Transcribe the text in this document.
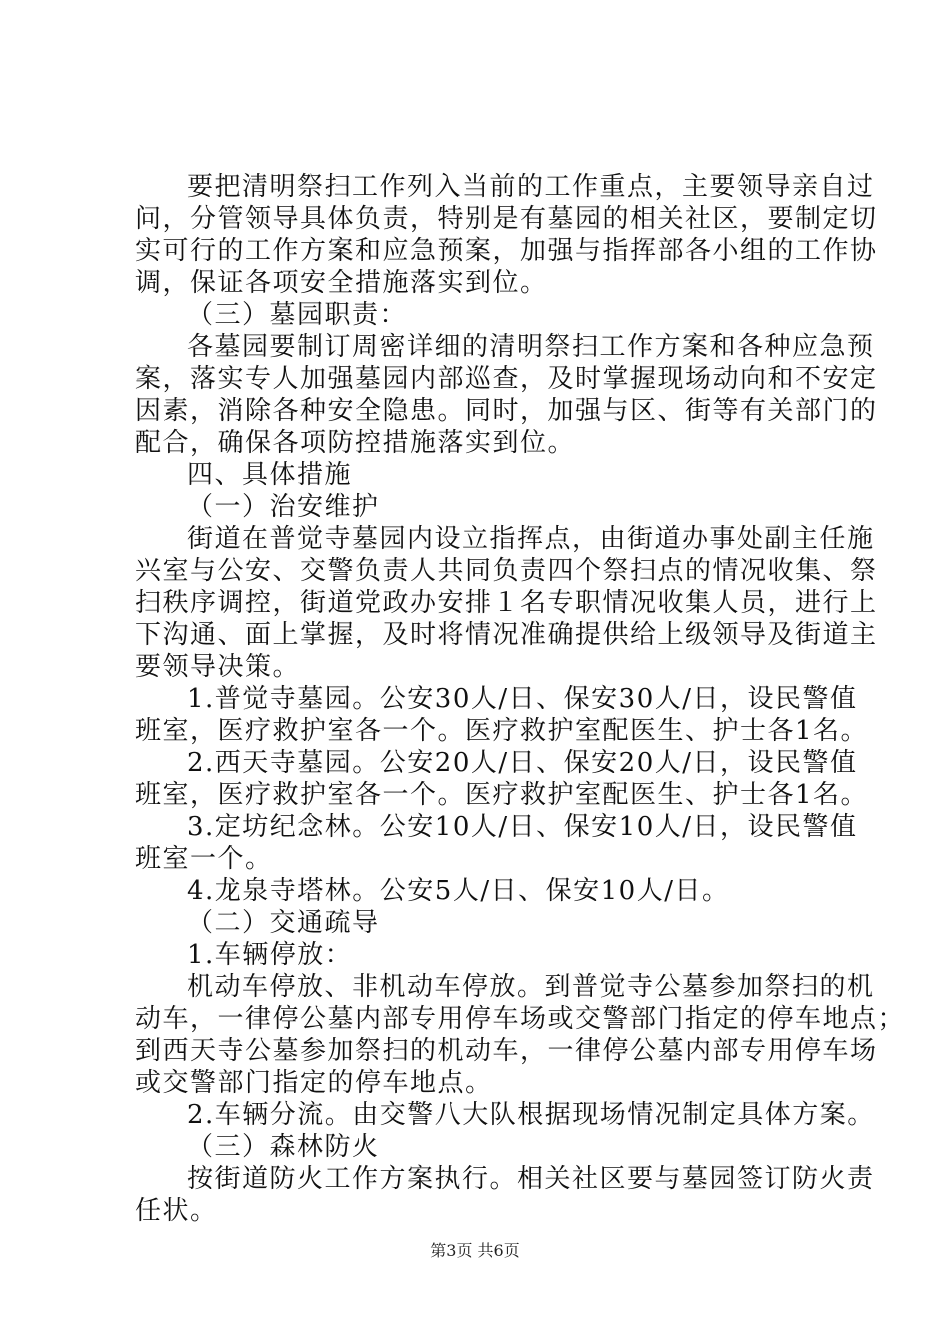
要把清明祭扫工作列入当前的工作重点，主要领导亲自过
问，分管领导具体负责，特别是有墓园的相关社区，要制定切
实可行的工作方案和应急预案，加强与指挥部各小组的工作协
调，保证各项安全措施落实到位。

（三）墓园职责：

各墓园要制订周密详细的清明祭扫工作方案和各种应急预
案，落实专人加强墓园内部巡查，及时掌握现场动向和不安定
因素，消除各种安全隐患。同时，加强与区、街等有关部门的
配合，确保各项防控措施落实到位。

四、具体措施

（一）治安维护

街道在普觉寺墓园内设立指挥点，由街道办事处副主任施
兴室与公安、交警负责人共同负责四个祭扫点的情况收集、祭
扫秩序调控，街道党政办安排１名专职情况收集人员，进行上
下沟通、面上掌握，及时将情况准确提供给上级领导及街道主
要领导决策。

1.普觉寺墓园。公安30人/日、保安30人/日，设民警值
班室，医疗救护室各一个。医疗救护室配医生、护士各1名。

2.西天寺墓园。公安20人/日、保安20人/日，设民警值
班室，医疗救护室各一个。医疗救护室配医生、护士各1名。

3.定坊纪念林。公安10人/日、保安10人/日，设民警值
班室一个。

4.龙泉寺塔林。公安5人/日、保安10人/日。

（二）交通疏导

1.车辆停放：

机动车停放、非机动车停放。到普觉寺公墓参加祭扫的机
动车，一律停公墓内部专用停车场或交警部门指定的停车地点；
到西天寺公墓参加祭扫的机动车，一律停公墓内部专用停车场
或交警部门指定的停车地点。

2.车辆分流。由交警八大队根据现场情况制定具体方案。

（三）森林防火

按街道防火工作方案执行。相关社区要与墓园签订防火责
任状。

第3页 共6页
